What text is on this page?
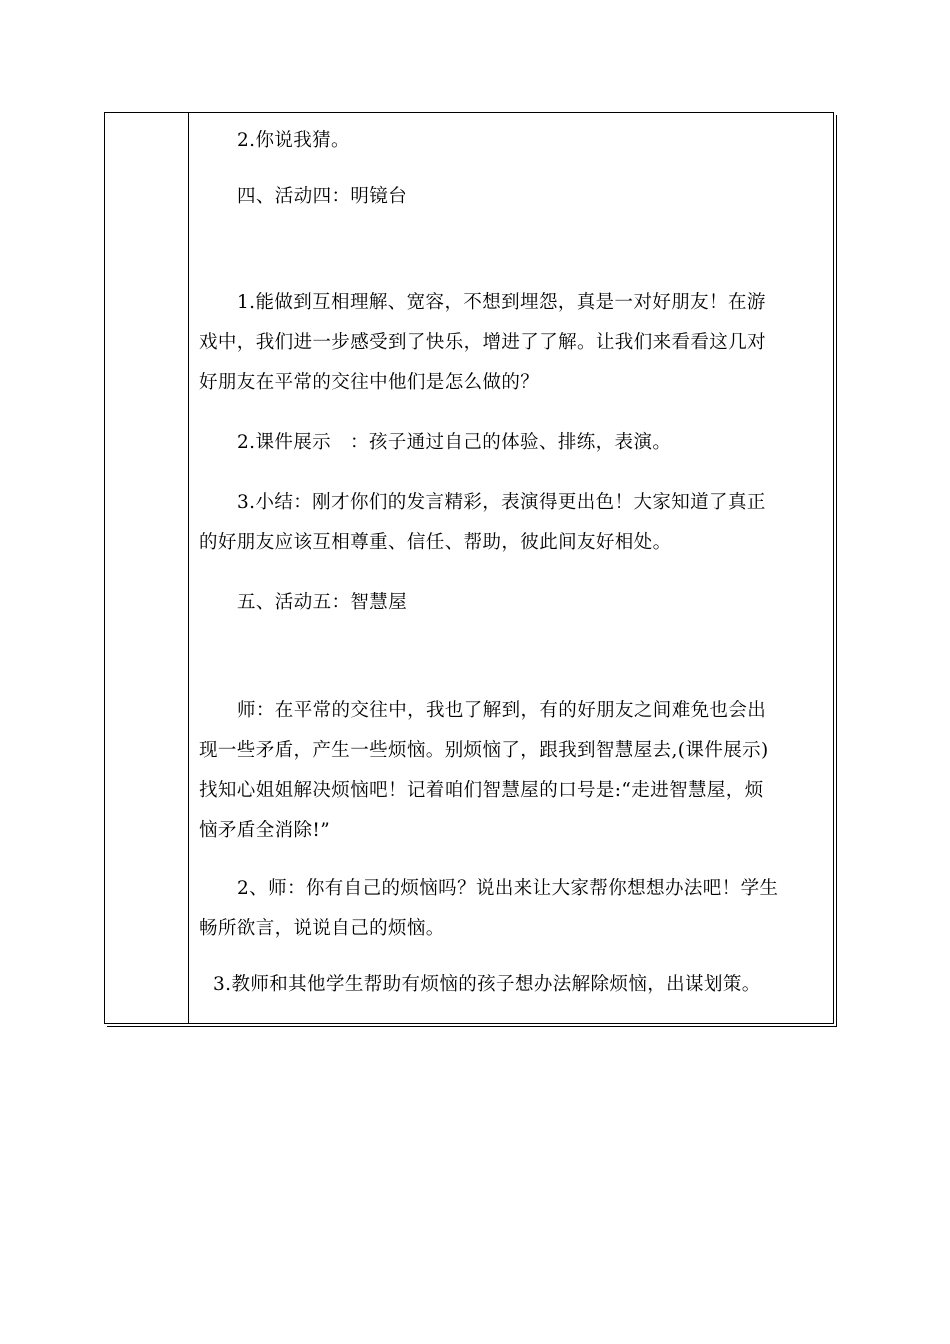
2.你说我猜。

四、活动四：明镜台

1.能做到互相理解、宽容，不想到埋怨，真是一对好朋友！在游
戏中，我们进一步感受到了快乐，增进了了解。让我们来看看这几对
好朋友在平常的交往中他们是怎么做的？

2.课件展示　：孩子通过自己的体验、排练，表演。

3.小结：刚才你们的发言精彩，表演得更出色！大家知道了真正
的好朋友应该互相尊重、信任、帮助，彼此间友好相处。

五、活动五：智慧屋

师：在平常的交往中，我也了解到，有的好朋友之间难免也会出
现一些矛盾，产生一些烦恼。别烦恼了，跟我到智慧屋去,(课件展示)
找知心姐姐解决烦恼吧！记着咱们智慧屋的口号是:“走进智慧屋，烦
恼矛盾全消除!”

2、师：你有自己的烦恼吗？说出来让大家帮你想想办法吧！学生
畅所欲言，说说自己的烦恼。

3.教师和其他学生帮助有烦恼的孩子想办法解除烦恼，出谋划策。
